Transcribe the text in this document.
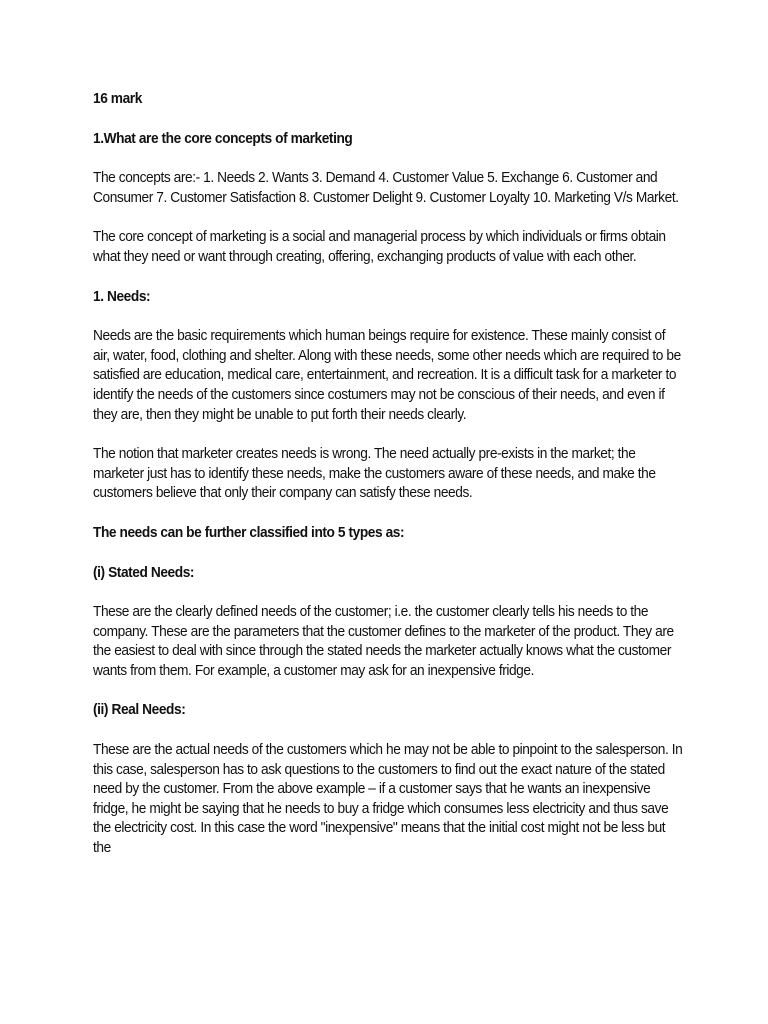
16 mark
1.What are the core concepts of marketing

The concepts are:- 1. Needs 2. Wants 3. Demand 4. Customer Value 5. Exchange 6. Customer and Consumer 7. Customer Satisfaction 8. Customer Delight 9. Customer Loyalty 10. Marketing V/s Market.

The core concept of marketing is a social and managerial process by which individuals or firms obtain what they need or want through creating, offering, exchanging products of value with each other.

1. Needs:

Needs are the basic requirements which human beings require for existence. These mainly consist of air, water, food, clothing and shelter. Along with these needs, some other needs which are required to be satisfied are education, medical care, entertainment, and recreation. It is a difficult task for a marketer to identify the needs of the customers since costumers may not be conscious of their needs, and even if they are, then they might be unable to put forth their needs clearly.

The notion that marketer creates needs is wrong. The need actually pre-exists in the market; the marketer just has to identify these needs, make the customers aware of these needs, and make the customers believe that only their company can satisfy these needs.

The needs can be further classified into 5 types as:
(i) Stated Needs:

These are the clearly defined needs of the customer; i.e. the customer clearly tells his needs to the company. These are the parameters that the customer defines to the marketer of the product. They are the easiest to deal with since through the stated needs the marketer actually knows what the customer wants from them. For example, a customer may ask for an inexpensive fridge.

(ii) Real Needs:

These are the actual needs of the customers which he may not be able to pinpoint to the salesperson. In this case, salesperson has to ask questions to the customers to find out the exact nature of the stated need by the customer. From the above example – if a customer says that he wants an inexpensive fridge, he might be saying that he needs to buy a fridge which consumes less electricity and thus save the electricity cost. In this case the word "inexpensive" means that the initial cost might not be less but the
